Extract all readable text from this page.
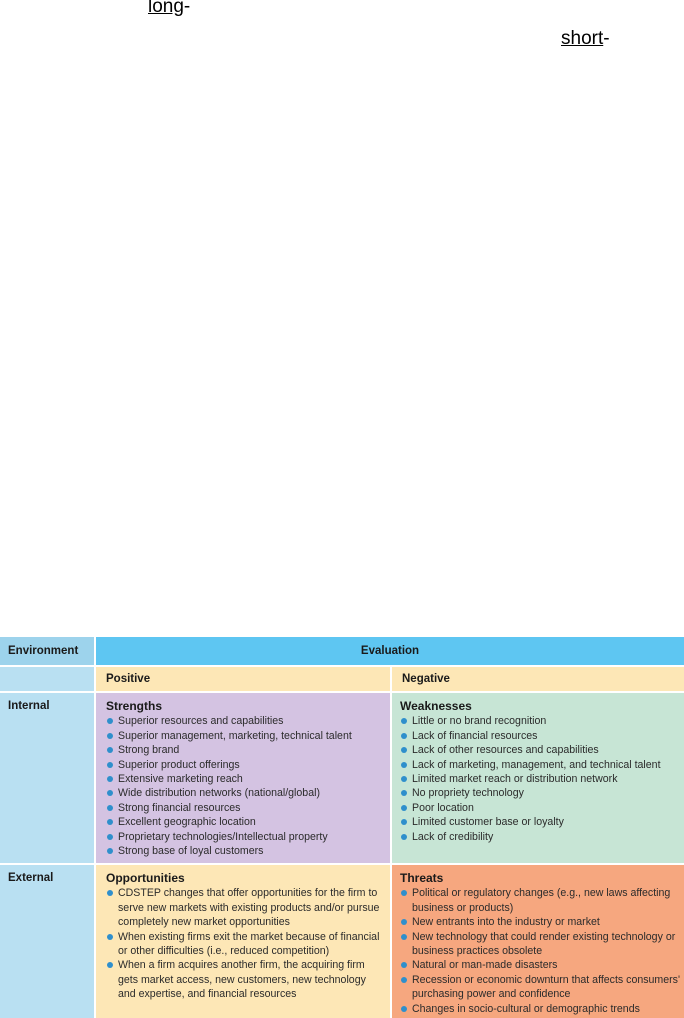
long-
short-
Environment	Evaluation
Positive	Negative
Internal
External
Strengths
Superior resources and capabilities
Superior management, marketing, technical talent
Strong brand
Superior product offerings
Extensive marketing reach
Wide distribution networks (national/global)
Strong financial resources
Excellent geographic location
Proprietary technologies/Intellectual property
Strong base of loyal customers
Weaknesses
Little or no brand recognition
Lack of financial resources
Lack of other resources and capabilities
Lack of marketing, management, and technical talent
Limited market reach or distribution network
No propriety technology
Poor location
Limited customer base or loyalty
Lack of credibility
Opportunities
CDSTEP changes that offer opportunities for the firm to serve new markets with existing products and/or pursue completely new market opportunities
When existing firms exit the market because of financial or other difficulties (i.e., reduced competition)
When a firm acquires another firm, the acquiring firm gets market access, new customers, new technology and expertise, and financial resources
Threats
Political or regulatory changes (e.g., new laws affecting business or products)
New entrants into the industry or market
New technology that could render existing technology or business practices obsolete
Natural or man-made disasters
Recession or economic downturn that affects consumers' purchasing power and confidence
Changes in socio-cultural or demographic trends
